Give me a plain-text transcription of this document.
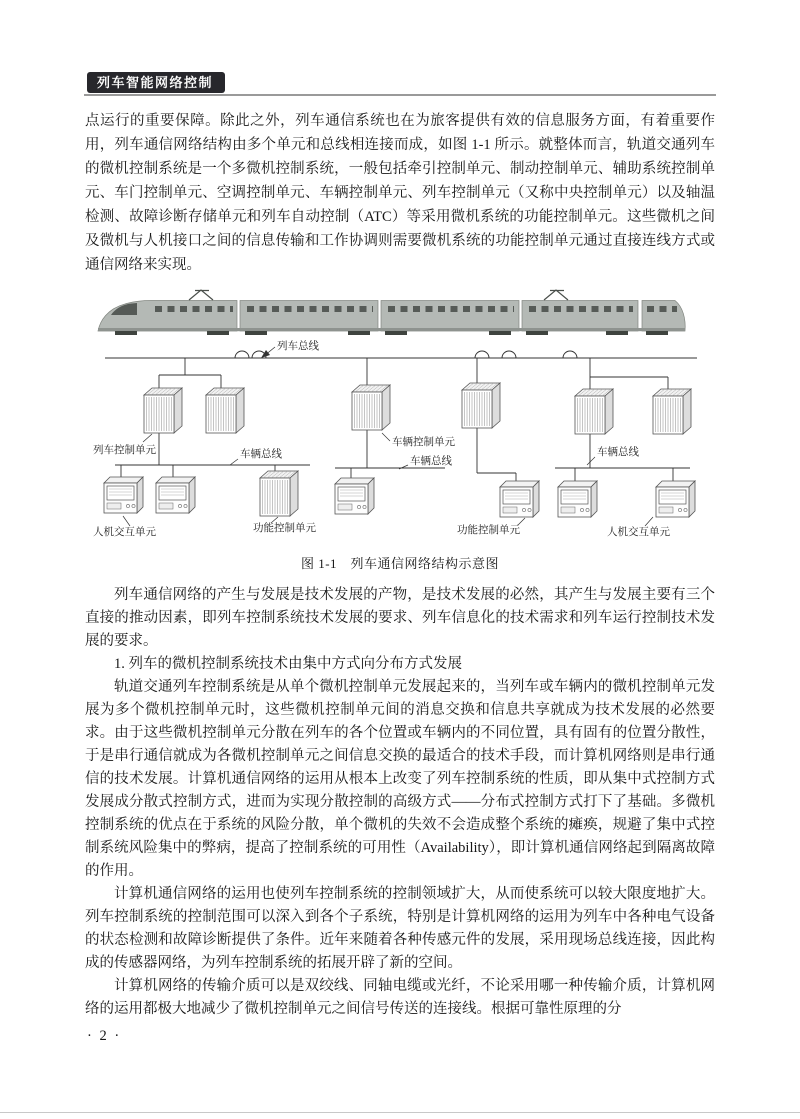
列车智能网络控制

点运行的重要保障。除此之外，列车通信系统也在为旅客提供有效的信息服务方面，有着重要作用，列车通信网络结构由多个单元和总线相连接而成，如图 1-1 所示。就整体而言，轨道交通列车的微机控制系统是一个多微机控制系统，一般包括牵引控制单元、制动控制单元、辅助系统控制单元、车门控制单元、空调控制单元、车辆控制单元、列车控制单元（又称中央控制单元）以及轴温检测、故障诊断存储单元和列车自动控制（ATC）等采用微机系统的功能控制单元。这些微机之间及微机与人机接口之间的信息传输和工作协调则需要微机系统的功能控制单元通过直接连线方式或通信网络来实现。

列车总线
列车控制单元	车辆总线
人机交互单元	功能控制单元
车辆控制单元
车辆总线
功能控制单元
车辆总线
人机交互单元
图 1-1　列车通信网络结构示意图

列车通信网络的产生与发展是技术发展的产物，是技术发展的必然，其产生与发展主要有三个直接的推动因素，即列车控制系统技术发展的要求、列车信息化的技术需求和列车运行控制技术发展的要求。

1. 列车的微机控制系统技术由集中方式向分布方式发展

轨道交通列车控制系统是从单个微机控制单元发展起来的，当列车或车辆内的微机控制单元发展为多个微机控制单元时，这些微机控制单元间的消息交换和信息共享就成为技术发展的必然要求。由于这些微机控制单元分散在列车的各个位置或车辆内的不同位置，具有固有的位置分散性，于是串行通信就成为各微机控制单元之间信息交换的最适合的技术手段，而计算机网络则是串行通信的技术发展。计算机通信网络的运用从根本上改变了列车控制系统的性质，即从集中式控制方式发展成分散式控制方式，进而为实现分散控制的高级方式——分布式控制方式打下了基础。多微机控制系统的优点在于系统的风险分散，单个微机的失效不会造成整个系统的瘫痪，规避了集中式控制系统风险集中的弊病，提高了控制系统的可用性（Availability），即计算机通信网络起到隔离故障的作用。

计算机通信网络的运用也使列车控制系统的控制领域扩大，从而使系统可以较大限度地扩大。列车控制系统的控制范围可以深入到各个子系统，特别是计算机网络的运用为列车中各种电气设备的状态检测和故障诊断提供了条件。近年来随着各种传感元件的发展，采用现场总线连接，因此构成的传感器网络，为列车控制系统的拓展开辟了新的空间。

计算机网络的传输介质可以是双绞线、同轴电缆或光纤，不论采用哪一种传输介质，计算机网络的运用都极大地减少了微机控制单元之间信号传送的连接线。根据可靠性原理的分

· 2 ·
